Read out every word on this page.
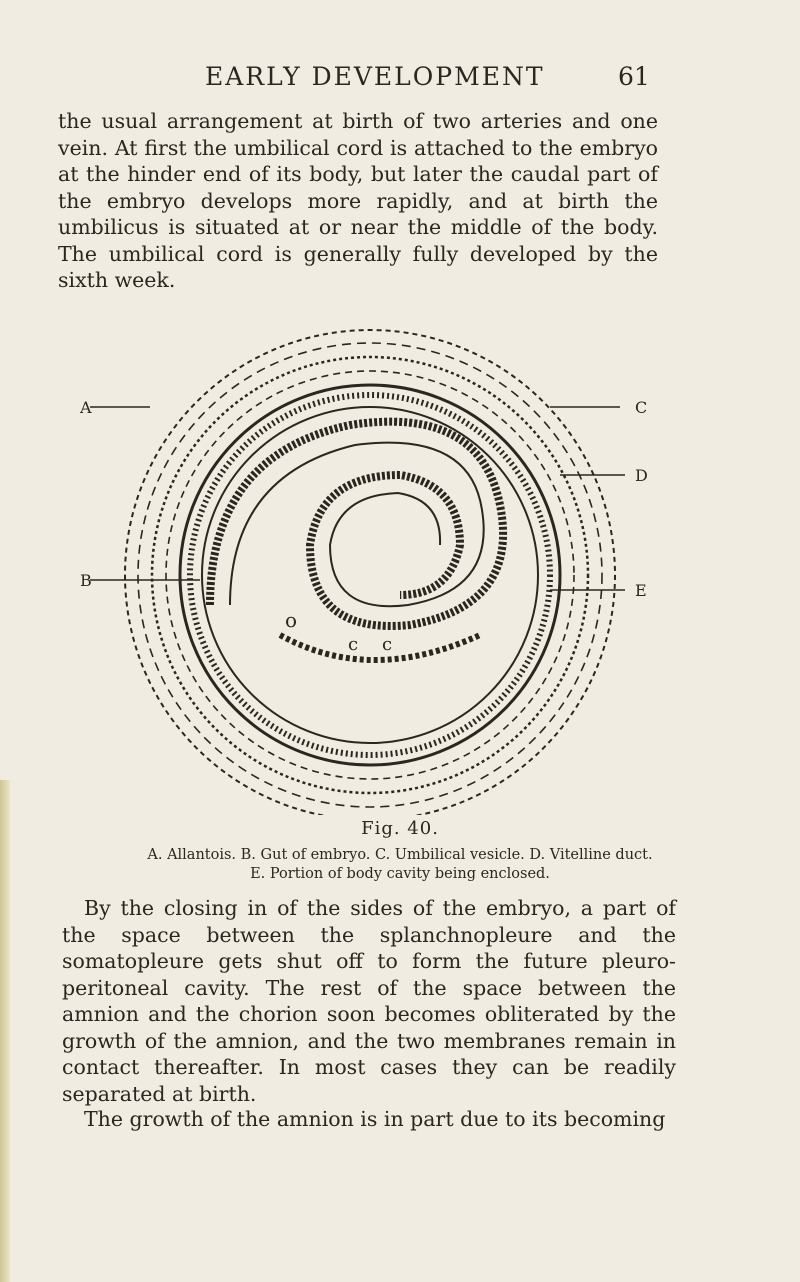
EARLY DEVELOPMENT	61

the usual arrangement at birth of two arteries and one vein. At first the umbilical cord is attached to the embryo at the hinder end of its body, but later the caudal part of the embryo develops more rapidly, and at birth the umbilicus is situated at or near the middle of the body. The umbilical cord is generally fully developed by the sixth week.

o
c c
A
B
C
D
E
Fig. 40.
A. Allantois. B. Gut of embryo. C. Umbilical vesicle. D. Vitelline duct.
E. Portion of body cavity being enclosed.

By the closing in of the sides of the embryo, a part of the space between the splanchnopleure and the somatopleure gets shut off to form the future pleuro-peritoneal cavity. The rest of the space between the amnion and the chorion soon becomes obliterated by the growth of the amnion, and the two membranes remain in contact thereafter. In most cases they can be readily separated at birth.

The growth of the amnion is in part due to its becoming
